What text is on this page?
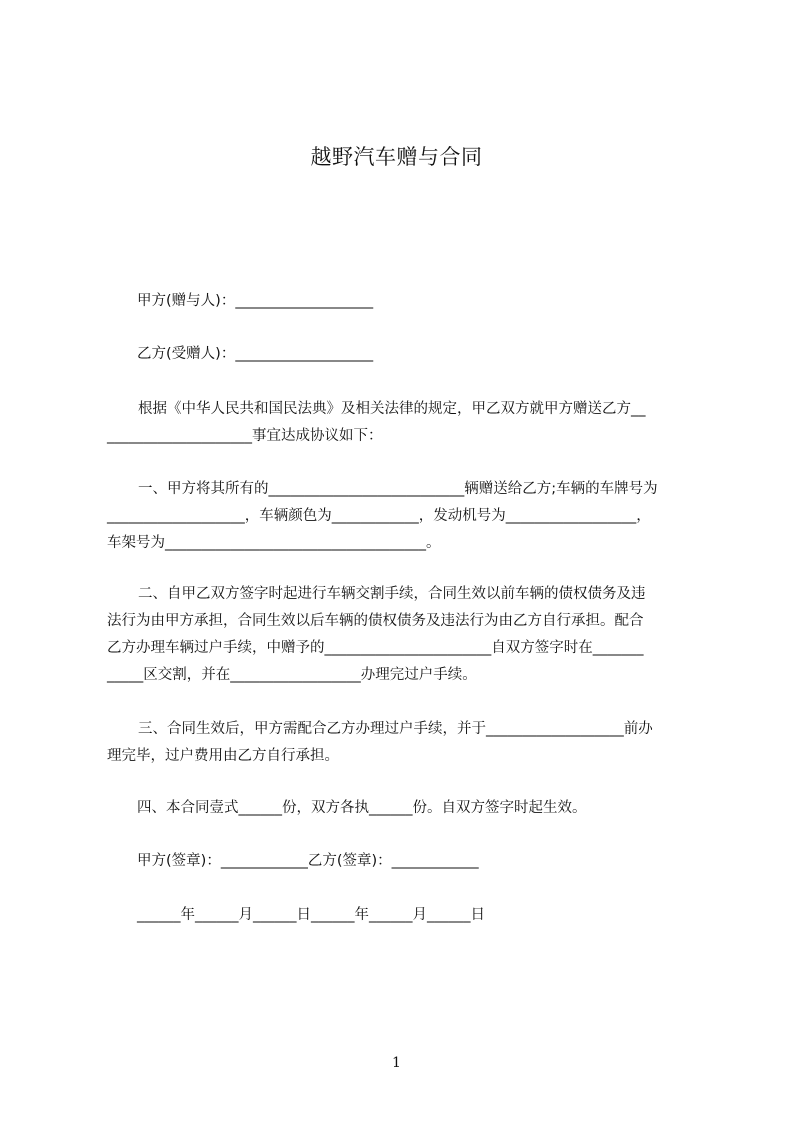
越野汽车赠与合同
甲方(赠与人)：___________________
乙方(受赠人)：___________________
根据《中华人民共和国民法典》及相关法律的规定，甲乙双方就甲方赠送乙方__
____________________事宜达成协议如下：
一、甲方将其所有的___________________________辆赠送给乙方;车辆的车牌号为
___________________，车辆颜色为____________，发动机号为__________________，
车架号为____________________________________。
二、自甲乙双方签字时起进行车辆交割手续，合同生效以前车辆的债权债务及违
法行为由甲方承担，合同生效以后车辆的债权债务及违法行为由乙方自行承担。配合
乙方办理车辆过户手续，中赠予的_______________________自双方签字时在_______
_____区交割，并在__________________办理完过户手续。
三、合同生效后，甲方需配合乙方办理过户手续，并于___________________前办
理完毕，过户费用由乙方自行承担。
四、本合同壹式______份，双方各执______份。自双方签字时起生效。
甲方(签章)：____________乙方(签章)：____________
______年______月______日______年______月______日
1
